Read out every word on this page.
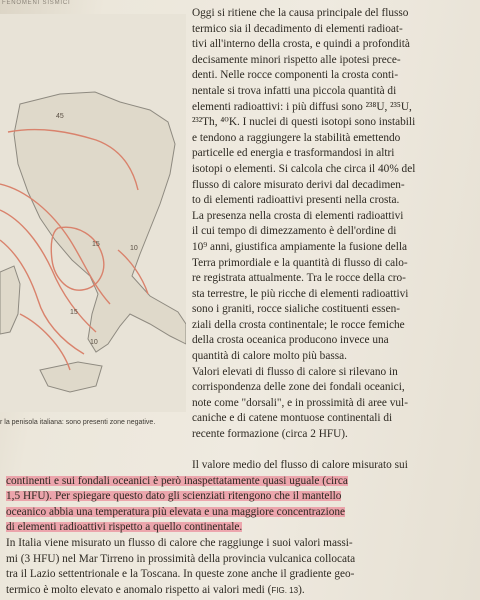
FENOMENI SISMICI
45
15
15
10
10
r la penisola italiana: sono presenti zone negative.

Oggi si ritiene che la causa principale del flusso
termico sia il decadimento di elementi radioat-
tivi all'interno della crosta, e quindi a profondità
decisamente minori rispetto alle ipotesi prece-
denti. Nelle rocce componenti la crosta conti-
nentale si trova infatti una piccola quantità di
elementi radioattivi: i più diffusi sono ²³⁸U, ²³⁵U,
²³²Th, ⁴⁰K. I nuclei di questi isotopi sono instabili
e tendono a raggiungere la stabilità emettendo
particelle ed energia e trasformandosi in altri
isotopi o elementi. Si calcola che circa il 40% del
flusso di calore misurato derivi dal decadimen-
to di elementi radioattivi presenti nella crosta.
La presenza nella crosta di elementi radioattivi
il cui tempo di dimezzamento è dell'ordine di
10⁹ anni, giustifica ampiamente la fusione della
Terra primordiale e la quantità di flusso di calo-
re registrata attualmente. Tra le rocce della cro-
sta terrestre, le più ricche di elementi radioattivi
sono i graniti, rocce sialiche costituenti essen-
ziali della crosta continentale; le rocce femiche
della crosta oceanica producono invece una
quantità di calore molto più bassa.
Valori elevati di flusso di calore si rilevano in
corrispondenza delle zone dei fondali oceanici,
note come "dorsali", e in prossimità di aree vul-
caniche e di catene montuose continentali di
recente formazione (circa 2 HFU).

Il valore medio del flusso di calore misurato sui

continenti e sui fondali oceanici è però inaspettatamente quasi uguale (circa
1,5 HFU). Per spiegare questo dato gli scienziati ritengono che il mantello
oceanico abbia una temperatura più elevata e una maggiore concentrazione
di elementi radioattivi rispetto a quello continentale.

In Italia viene misurato un flusso di calore che raggiunge i suoi valori massi-
mi (3 HFU) nel Mar Tirreno in prossimità della provincia vulcanica collocata
tra il Lazio settentrionale e la Toscana. In queste zone anche il gradiente geo-
termico è molto elevato e anomalo rispetto ai valori medi (FIG. 13).
